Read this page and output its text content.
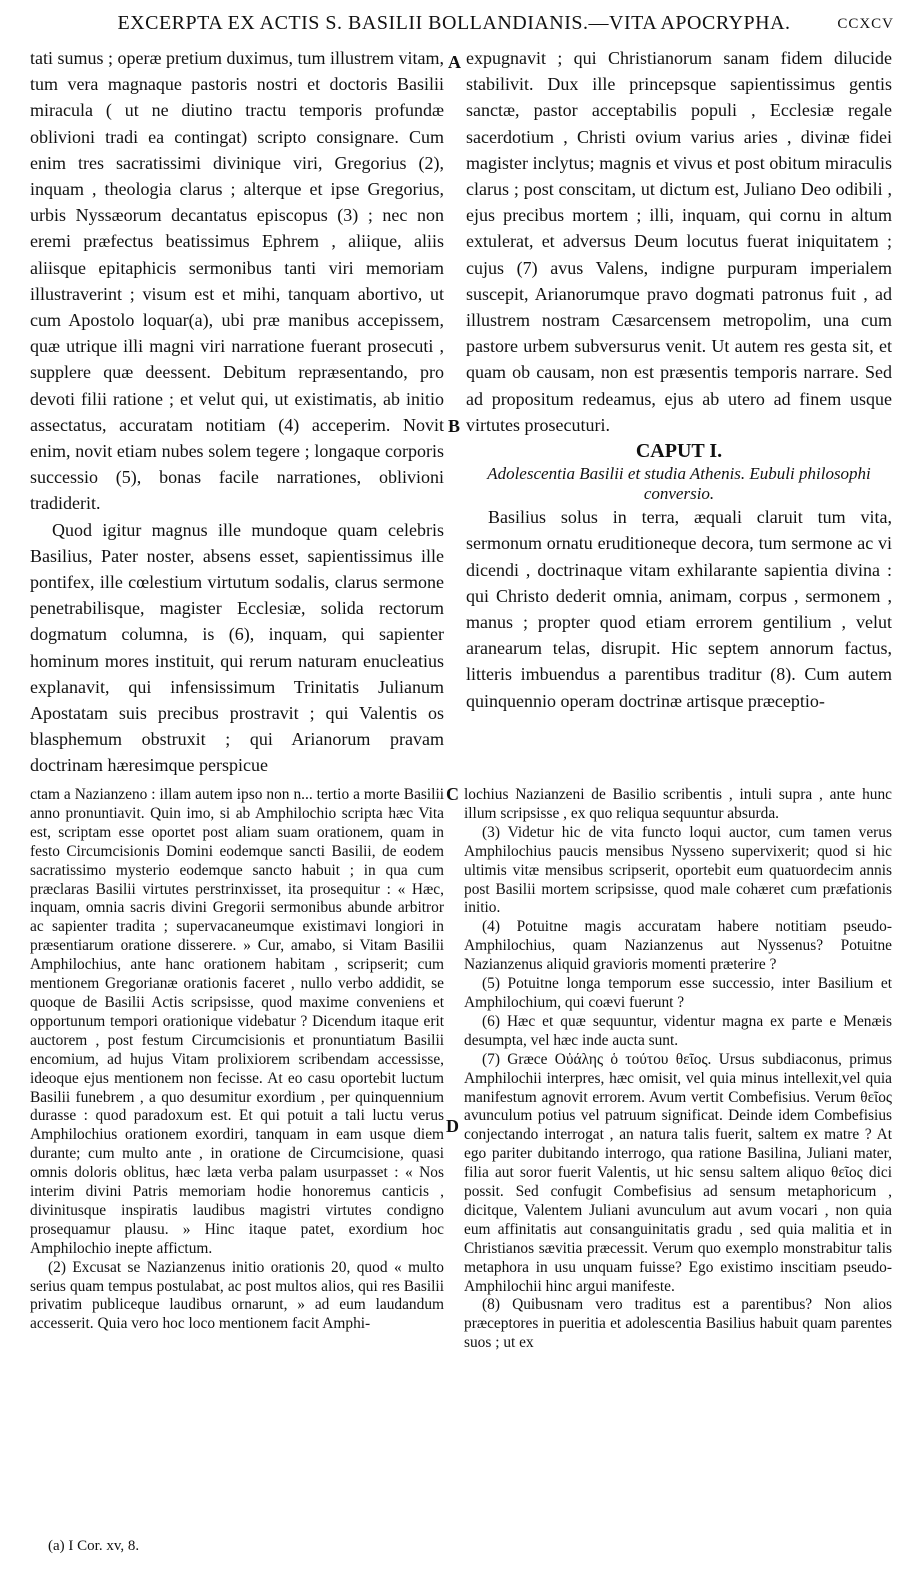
EXCERPTA EX ACTIS S. BASILII BOLLANDIANIS.—VITA APOCRYPHA.	CCXCV

tati sumus ; operæ pretium duximus, tum illustrem vitam, tum vera magnaque pastoris nostri et doctoris Basilii miracula ( ut ne diutino tractu temporis profundæ oblivioni tradi ea contingat) scripto consignare. Cum enim tres sacratissimi divinique viri, Gregorius (2), inquam , theologia clarus ; alterque et ipse Gregorius, urbis Nyssæorum decantatus episcopus (3) ; nec non eremi præfectus beatissimus Ephrem , aliique, aliis aliisque epitaphicis sermonibus tanti viri memoriam illustraverint ; visum est et mihi, tanquam abortivo, ut cum Apostolo loquar(a), ubi præ manibus accepissem, quæ utrique illi magni viri narratione fuerant prosecuti , supplere quæ deessent. Debitum repræsentando, pro devoti filii ratione ; et velut qui, ut existimatis, ab initio assectatus, accuratam notitiam (4) acceperim. Novit enim, novit etiam nubes solem tegere ; longaque corporis successio (5), bonas facile narrationes, oblivioni tradiderit.

Quod igitur magnus ille mundoque quam celebris Basilius, Pater noster, absens esset, sapientissimus ille pontifex, ille cœlestium virtutum sodalis, clarus sermone penetrabilisque, magister Ecclesiæ, solida rectorum dogmatum columna, is (6), inquam, qui sapienter hominum mores instituit, qui rerum naturam enucleatius explanavit, qui infensissimum Trinitatis Julianum Apostatam suis precibus prostravit ; qui Valentis os blasphemum obstruxit ; qui Arianorum pravam doctrinam hæresimque perspicue

expugnavit ; qui Christianorum sanam fidem dilucide stabilivit. Dux ille princepsque sapientissimus gentis sanctæ, pastor acceptabilis populi , Ecclesiæ regale sacerdotium , Christi ovium varius aries , divinæ fidei magister inclytus; magnis et vivus et post obitum miraculis clarus ; post conscitam, ut dictum est, Juliano Deo odibili , ejus precibus mortem ; illi, inquam, qui cornu in altum extulerat, et adversus Deum locutus fuerat iniquitatem ; cujus (7) avus Valens, indigne purpuram imperialem suscepit, Arianorumque pravo dogmati patronus fuit , ad illustrem nostram Cæsarcensem metropolim, una cum pastore urbem subversurus venit. Ut autem res gesta sit, et quam ob causam, non est præsentis temporis narrare. Sed ad propositum redeamus, ejus ab utero ad finem usque virtutes prosecuturi.

CAPUT I.

Adolescentia Basilii et studia Athenis. Eubuli philosophi conversio.

Basilius solus in terra, æquali claruit tum vita, sermonum ornatu eruditioneque decora, tum sermone ac vi dicendi , doctrinaque vitam exhilarante sapientia divina : qui Christo dederit omnia, animam, corpus , sermonem , manus ; propter quod etiam errorem gentilium , velut aranearum telas, disrupit. Hic septem annorum factus, litteris imbuendus a parentibus traditur (8). Cum autem quinquennio operam doctrinæ artisque præceptio-

A
B
C
D

ctam a Nazianzeno : illam autem ipso non n... tertio a morte Basilii anno pronuntiavit. Quin imo, si ab Amphilochio scripta hæc Vita est, scriptam esse oportet post aliam suam orationem, quam in festo Circumcisionis Domini eodemque sancti Basilii, de eodem sacratissimo mysterio eodemque sancto habuit ; in qua cum præclaras Basilii virtutes perstrinxisset, ita prosequitur : « Hæc, inquam, omnia sacris divini Gregorii sermonibus abunde arbitror ac sapienter tradita ; supervacaneumque existimavi longiori in præsentiarum oratione disserere. » Cur, amabo, si Vitam Basilii Amphilochius, ante hanc orationem habitam , scripserit; cum mentionem Gregorianæ orationis faceret , nullo verbo addidit, se quoque de Basilii Actis scripsisse, quod maxime conveniens et opportunum tempori orationique videbatur ? Dicendum itaque erit auctorem , post festum Circumcisionis et pronuntiatum Basilii encomium, ad hujus Vitam prolixiorem scribendam accessisse, ideoque ejus mentionem non fecisse. At eo casu oportebit luctum Basilii funebrem , a quo desumitur exordium , per quinquennium durasse : quod paradoxum est. Et qui potuit a tali luctu verus Amphilochius orationem exordiri, tanquam in eam usque diem durante; cum multo ante , in oratione de Circumcisione, quasi omnis doloris oblitus, hæc læta verba palam usurpasset : « Nos interim divini Patris memoriam hodie honoremus canticis , divinitusque inspiratis laudibus magistri virtutes condigno prosequamur plausu. » Hinc itaque patet, exordium hoc Amphilochio inepte affictum.

(2) Excusat se Nazianzenus initio orationis 20, quod « multo serius quam tempus postulabat, ac post multos alios, qui res Basilii privatim publiceque laudibus ornarunt, » ad eum laudandum accesserit. Quia vero hoc loco mentionem facit Amphi-

lochius Nazianzeni de Basilio scribentis , intuli supra , ante hunc illum scripsisse , ex quo reliqua sequuntur absurda.

(3) Videtur hic de vita functo loqui auctor, cum tamen verus Amphilochius paucis mensibus Nysseno supervixerit; quod si hic ultimis vitæ mensibus scripserit, oportebit eum quatuordecim annis post Basilii mortem scripsisse, quod male cohæret cum præfationis initio.

(4) Potuitne magis accuratam habere notitiam pseudo-Amphilochius, quam Nazianzenus aut Nyssenus? Potuitne Nazianzenus aliquid gravioris momenti præterire ?

(5) Potuitne longa temporum esse successio, inter Basilium et Amphilochium, qui coævi fuerunt ?

(6) Hæc et quæ sequuntur, videntur magna ex parte e Menæis desumpta, vel hæc inde aucta sunt.

(7) Græce Οὐάλης ὁ τούτου θεῖος. Ursus subdiaconus, primus Amphilochii interpres, hæc omisit, vel quia minus intellexit,vel quia manifestum agnovit errorem. Avum vertit Combefisius. Verum θεῖος avunculum potius vel patruum significat. Deinde idem Combefisius conjectando interrogat , an natura talis fuerit, saltem ex matre ? At ego pariter dubitando interrogo, qua ratione Basilina, Juliani mater, filia aut soror fuerit Valentis, ut hic sensu saltem aliquo θεῖος dici possit. Sed confugit Combefisius ad sensum metaphoricum , dicitque, Valentem Juliani avunculum aut avum vocari , non quia eum affinitatis aut consanguinitatis gradu , sed quia malitia et in Christianos sævitia præcessit. Verum quo exemplo monstrabitur talis metaphora in usu unquam fuisse? Ego existimo inscitiam pseudo-Amphilochii hinc argui manifeste.

(8) Quibusnam vero traditus est a parentibus? Non alios præceptores in pueritia et adolescentia Basilius habuit quam parentes suos ; ut ex

(a) I Cor. xv, 8.
